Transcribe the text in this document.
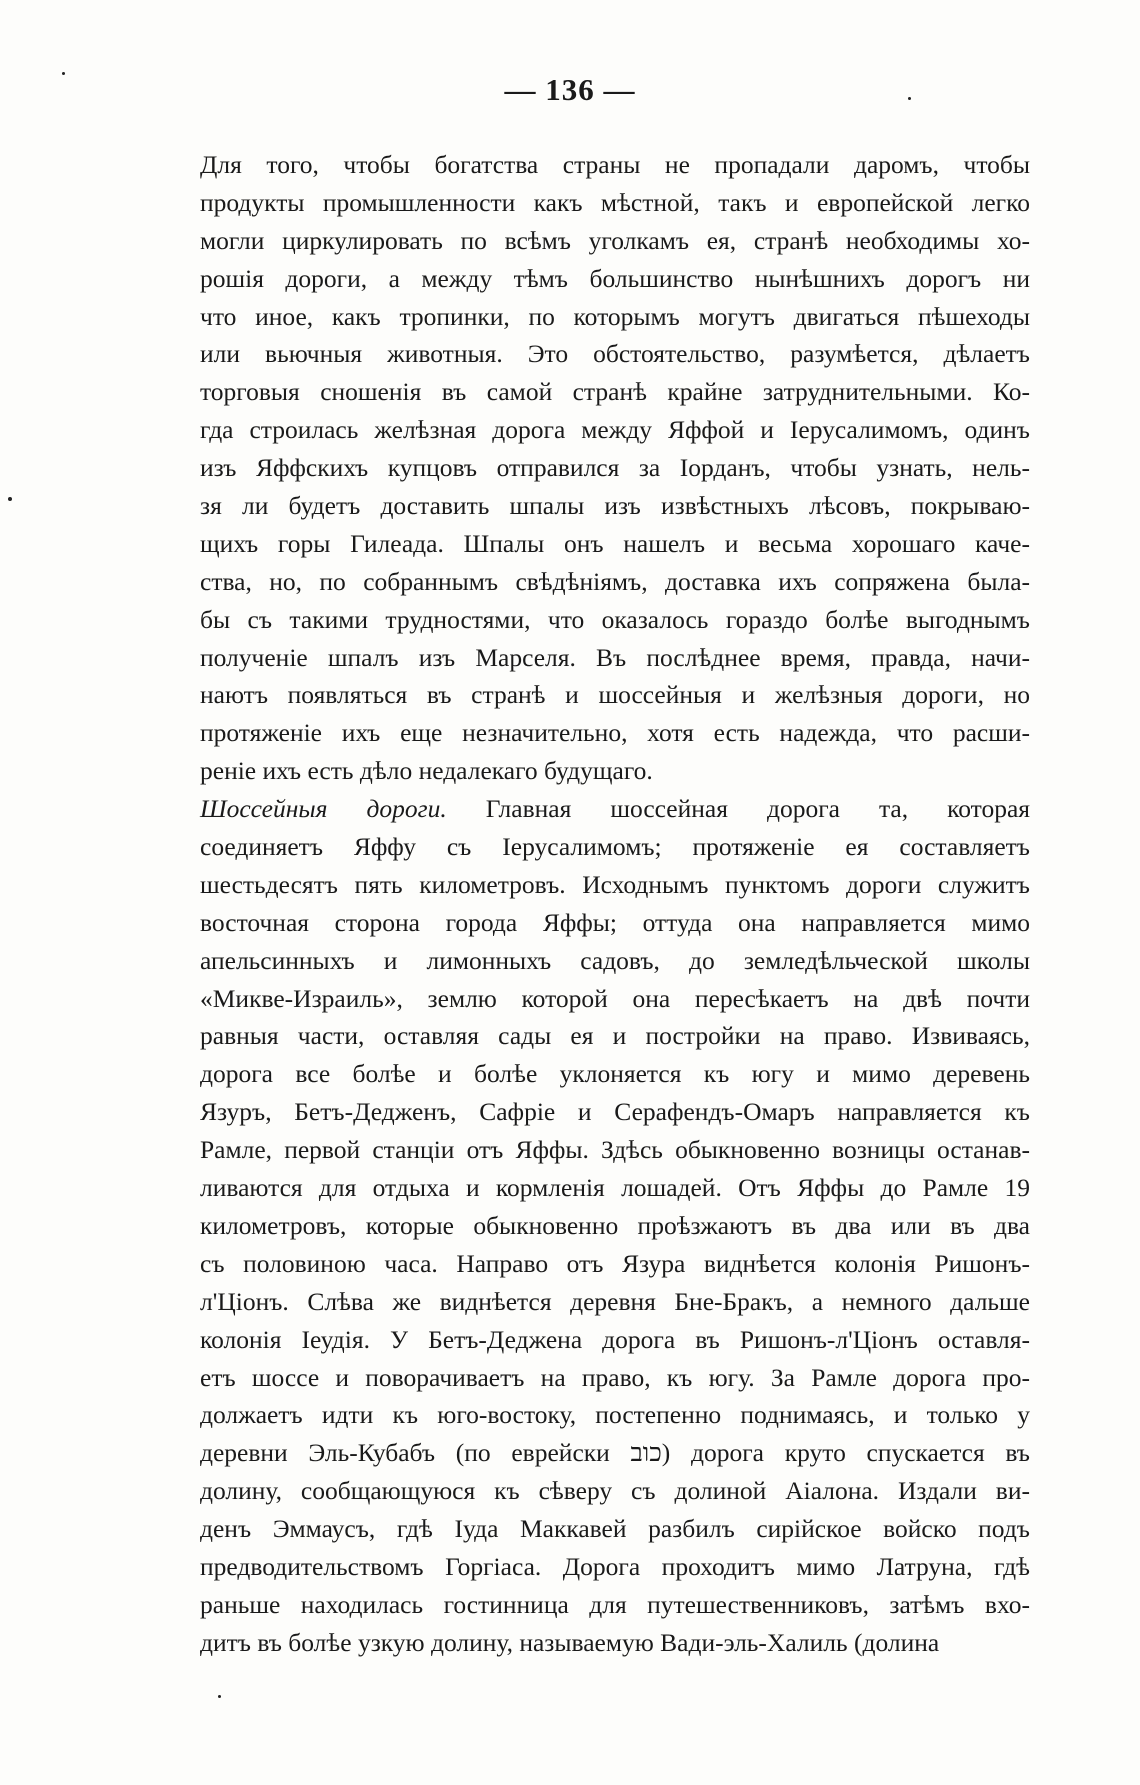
— 136 —
Для того, чтобы богатства страны не пропадали даромъ, чтобы
продукты промышленности какъ мѣстной, такъ и европейской легко
могли циркулировать по всѣмъ уголкамъ ея, странѣ необходимы хо-
рошія дороги, а между тѣмъ большинство нынѣшнихъ дорогъ ни
что иное, какъ тропинки, по которымъ могутъ двигаться пѣшеходы
или вьючныя животныя. Это обстоятельство, разумѣется, дѣлаетъ
торговыя сношенія въ самой странѣ крайне затруднительными. Ко-
гда строилась желѣзная дорога между Яффой и Іерусалимомъ, одинъ
изъ Яффскихъ купцовъ отправился за Іорданъ, чтобы узнать, нель-
зя ли будетъ доставить шпалы изъ извѣстныхъ лѣсовъ, покрываю-
щихъ горы Гилеада. Шпалы онъ нашелъ и весьма хорошаго каче-
ства, но, по собраннымъ свѣдѣніямъ, доставка ихъ сопряжена была-
бы съ такими трудностями, что оказалось гораздо болѣе выгоднымъ
полученіе шпалъ изъ Марселя. Въ послѣднее время, правда, начи-
наютъ появляться въ странѣ и шоссейныя и желѣзныя дороги, но
протяженіе ихъ еще незначительно, хотя есть надежда, что расши-
реніе ихъ есть дѣло недалекаго будущаго.
Шоссейныя дороги. Главная шоссейная дорога та, которая
соединяетъ Яффу съ Іерусалимомъ; протяженіе ея составляетъ
шестьдесятъ пять километровъ. Исходнымъ пунктомъ дороги служитъ
восточная сторона города Яффы; оттуда она направляется мимо
апельсинныхъ и лимонныхъ садовъ, до земледѣльческой школы
«Микве-Израиль», землю которой она пересѣкаетъ на двѣ почти
равныя части, оставляя сады ея и постройки на право. Извиваясь,
дорога все болѣе и болѣе уклоняется къ югу и мимо деревень
Язуръ, Бетъ-Дедженъ, Сафріе и Серафендъ-Омаръ направляется къ
Рамле, первой станціи отъ Яффы. Здѣсь обыкновенно возницы останав-
ливаются для отдыха и кормленія лошадей. Отъ Яффы до Рамле 19
километровъ, которые обыкновенно проѣзжаютъ въ два или въ два
съ половиною часа. Направо отъ Язура виднѣется колонія Ришонъ-
л'Ціонъ. Слѣва же виднѣется деревня Бне-Бракъ, а немного дальше
колонія Іеудія. У Бетъ-Дедженa дорога въ Ришонъ-л'Ціонъ оставля-
етъ шоссе и поворачиваетъ на право, къ югу. За Рамле дорога про-
должаетъ идти къ юго-востоку, постепенно поднимаясь, и только у
деревни Эль-Кубабъ (по еврейски כוב) дорога круто спускается въ
долину, сообщающуюся къ сѣверу съ долиной Аіалона. Издали ви-
денъ Эммаусъ, гдѣ Іуда Маккавей разбилъ сирійское войско подъ
предводительствомъ Горгіаса. Дорога проходитъ мимо Латруна, гдѣ
раньше находилась гостинница для путешественниковъ, затѣмъ вхо-
дитъ въ болѣе узкую долину, называемую Вади-эль-Халиль (долина
